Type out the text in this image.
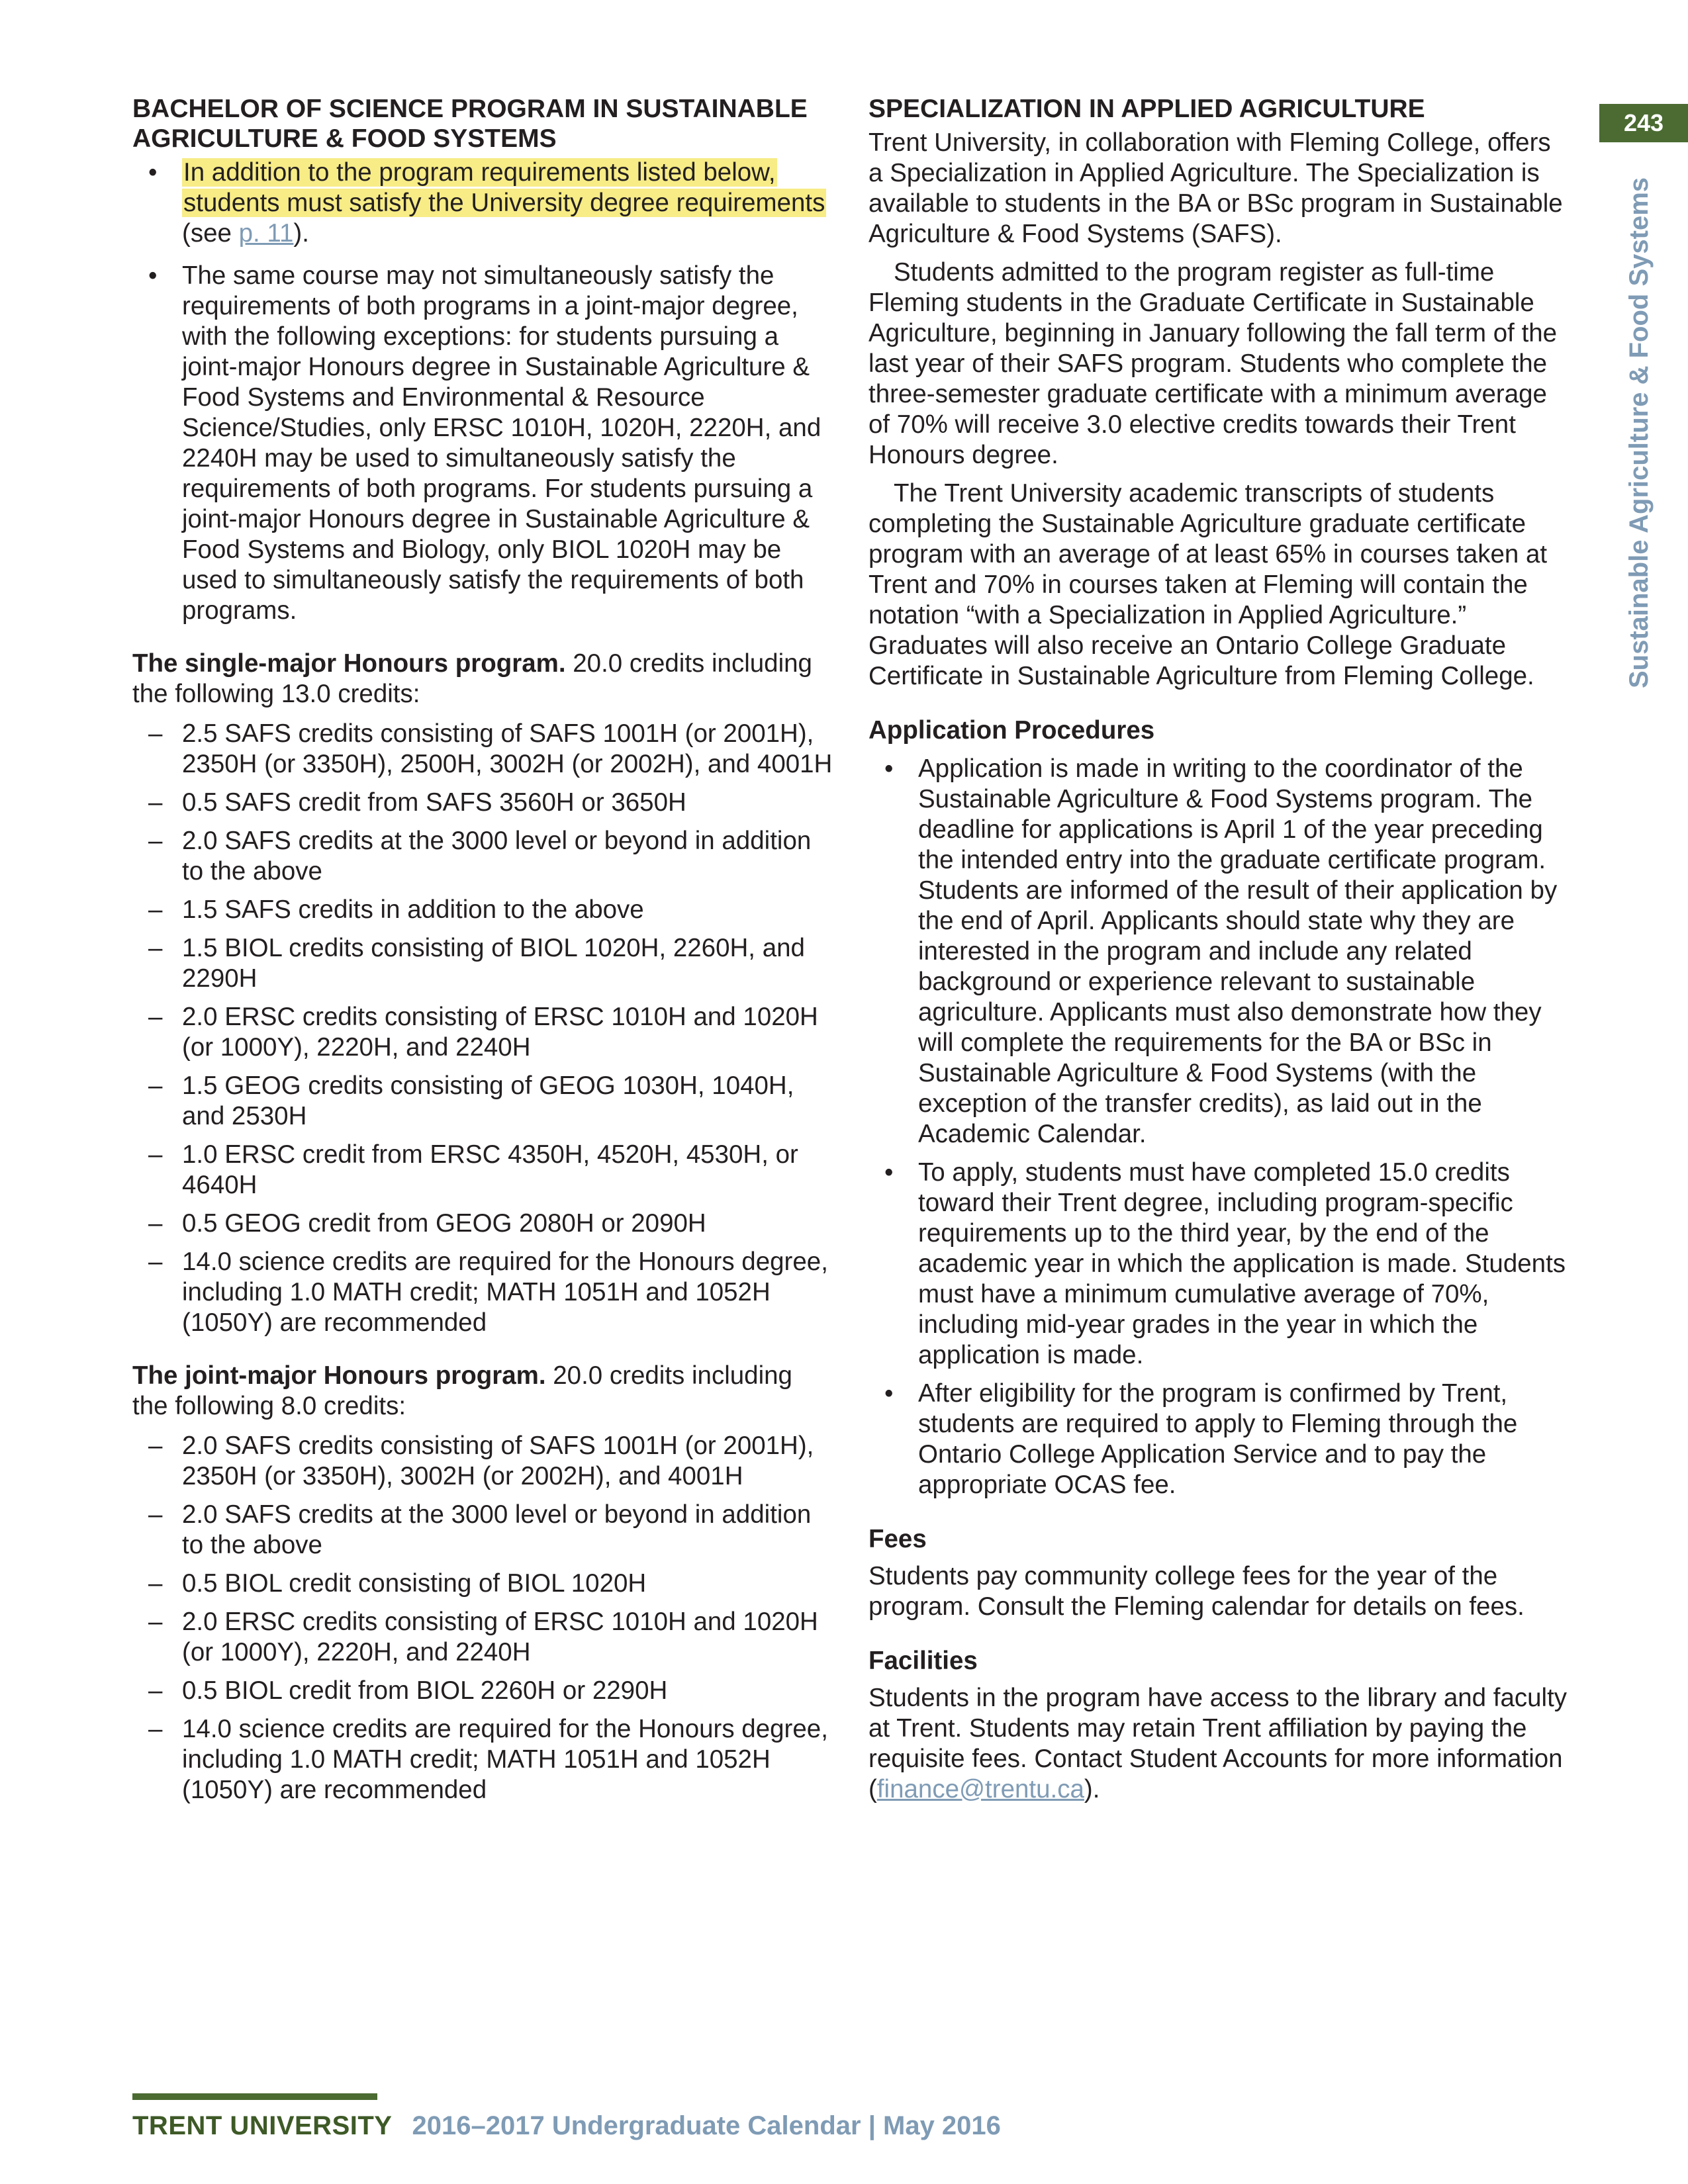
243
Sustainable Agriculture & Food Systems
BACHELOR OF SCIENCE PROGRAM IN SUSTAINABLE
AGRICULTURE & FOOD SYSTEMS
• In addition to the program requirements listed below, students must satisfy the University degree requirements (see p. 11).
• The same course may not simultaneously satisfy the requirements of both programs in a joint-major degree, with the following exceptions: for students pursuing a joint-major Honours degree in Sustainable Agriculture & Food Systems and Environmental & Resource Science/Studies, only ERSC 1010H, 1020H, 2220H, and 2240H may be used to simultaneously satisfy the requirements of both programs. For students pursuing a joint-major Honours degree in Sustainable Agriculture & Food Systems and Biology, only BIOL 1020H may be used to simultaneously satisfy the requirements of both programs.

The single-major Honours program. 20.0 credits including the following 13.0 credits:

– 2.5 SAFS credits consisting of SAFS 1001H (or 2001H), 2350H (or 3350H), 2500H, 3002H (or 2002H), and 4001H
– 0.5 SAFS credit from SAFS 3560H or 3650H
– 2.0 SAFS credits at the 3000 level or beyond in addition to the above
– 1.5 SAFS credits in addition to the above
– 1.5 BIOL credits consisting of BIOL 1020H, 2260H, and 2290H
– 2.0 ERSC credits consisting of ERSC 1010H and 1020H (or 1000Y), 2220H, and 2240H
– 1.5 GEOG credits consisting of GEOG 1030H, 1040H, and 2530H
– 1.0 ERSC credit from ERSC 4350H, 4520H, 4530H, or 4640H
– 0.5 GEOG credit from GEOG 2080H or 2090H
– 14.0 science credits are required for the Honours degree, including 1.0 MATH credit; MATH 1051H and 1052H (1050Y) are recommended

The joint-major Honours program. 20.0 credits including the following 8.0 credits:

– 2.0 SAFS credits consisting of SAFS 1001H (or 2001H), 2350H (or 3350H), 3002H (or 2002H), and 4001H
– 2.0 SAFS credits at the 3000 level or beyond in addition to the above
– 0.5 BIOL credit consisting of BIOL 1020H
– 2.0 ERSC credits consisting of ERSC 1010H and 1020H (or 1000Y), 2220H, and 2240H
– 0.5 BIOL credit from BIOL 2260H or 2290H
– 14.0 science credits are required for the Honours degree, including 1.0 MATH credit; MATH 1051H and 1052H (1050Y) are recommended
SPECIALIZATION IN APPLIED AGRICULTURE

Trent University, in collaboration with Fleming College, offers a Specialization in Applied Agriculture. The Specialization is available to students in the BA or BSc program in Sustainable Agriculture & Food Systems (SAFS).

Students admitted to the program register as full-time Fleming students in the Graduate Certificate in Sustainable Agriculture, beginning in January following the fall term of the last year of their SAFS program. Students who complete the three-semester graduate certificate with a minimum average of 70% will receive 3.0 elective credits towards their Trent Honours degree.

The Trent University academic transcripts of students completing the Sustainable Agriculture graduate certificate program with an average of at least 65% in courses taken at Trent and 70% in courses taken at Fleming will contain the notation “with a Specialization in Applied Agriculture.” Graduates will also receive an Ontario College Graduate Certificate in Sustainable Agriculture from Fleming College.

Application Procedures
• Application is made in writing to the coordinator of the Sustainable Agriculture & Food Systems program. The deadline for applications is April 1 of the year preceding the intended entry into the graduate certificate program. Students are informed of the result of their application by the end of April. Applicants should state why they are interested in the program and include any related background or experience relevant to sustainable agriculture. Applicants must also demonstrate how they will complete the requirements for the BA or BSc in Sustainable Agriculture & Food Systems (with the exception of the transfer credits), as laid out in the Academic Calendar.
• To apply, students must have completed 15.0 credits toward their Trent degree, including program-specific requirements up to the third year, by the end of the academic year in which the application is made. Students must have a minimum cumulative average of 70%, including mid-year grades in the year in which the application is made.
• After eligibility for the program is confirmed by Trent, students are required to apply to Fleming through the Ontario College Application Service and to pay the appropriate OCAS fee.
Fees

Students pay community college fees for the year of the program. Consult the Fleming calendar for details on fees.

Facilities

Students in the program have access to the library and faculty at Trent. Students may retain Trent affiliation by paying the requisite fees. Contact Student Accounts for more information (finance@trentu.ca).

TRENT UNIVERSITY 2016–2017 Undergraduate Calendar | May 2016
